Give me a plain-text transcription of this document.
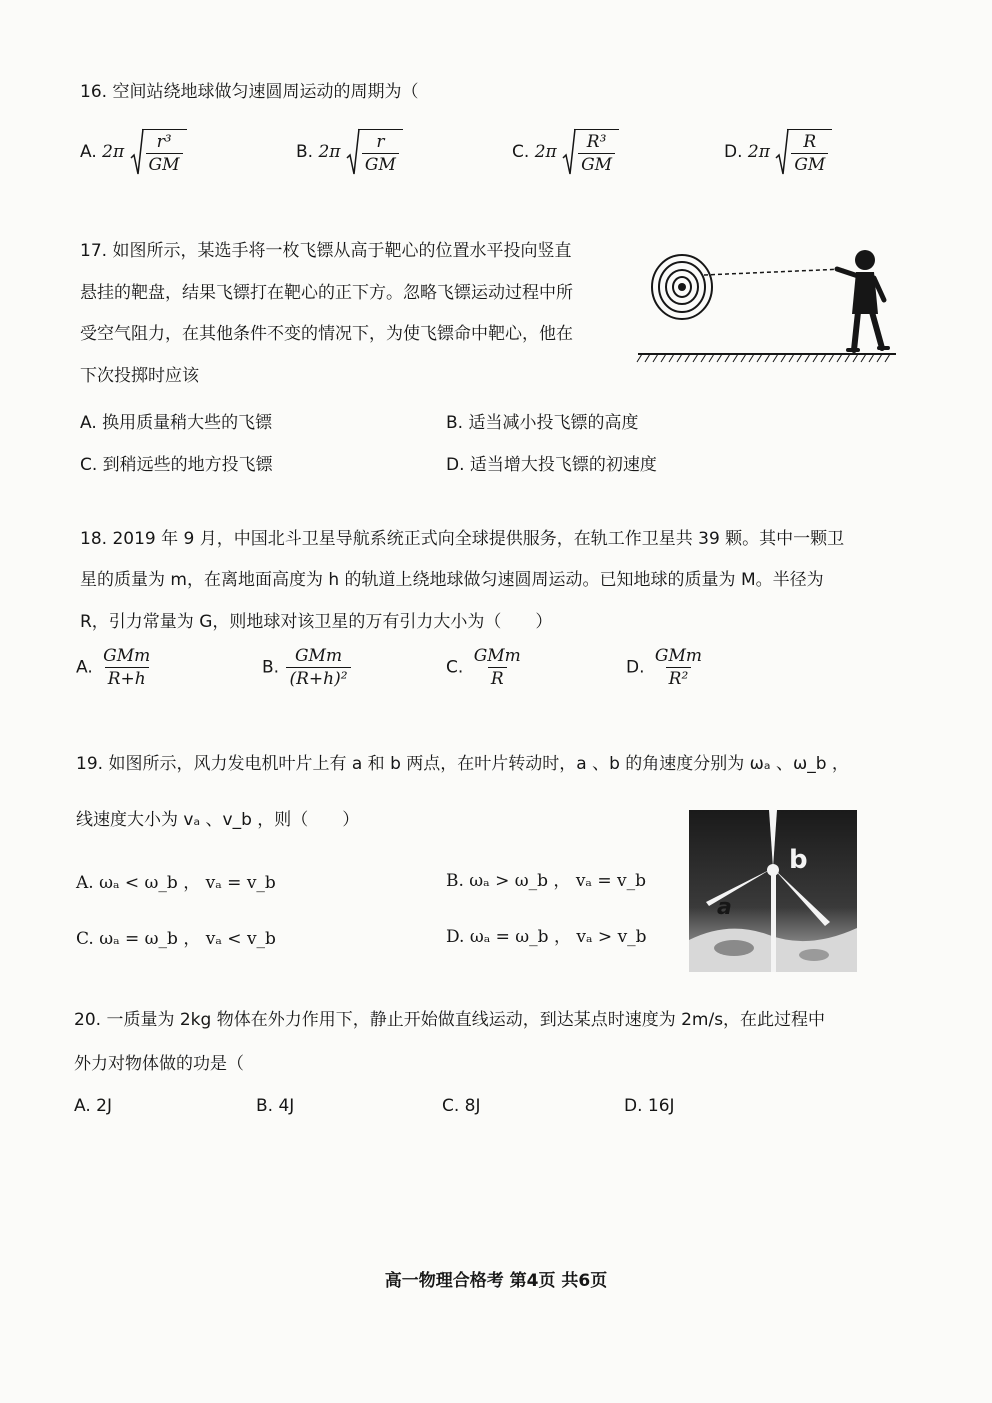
16. 空间站绕地球做匀速圆周运动的周期为（
A. $2\pi \frac{\text{r³}}{GM}$	B. $2\pi \frac{r}{GM}$	C. $2\pi \frac{\text{R³}}{GM}$	D. $2\pi \frac{R}{GM}$
17. 如图所示，某选手将一枚飞镖从高于靶心的位置水平投向竖直
悬挂的靶盘，结果飞镖打在靶心的正下方。忽略飞镖运动过程中所
受空气阻力，在其他条件不变的情况下，为使飞镖命中靶心，他在
下次投掷时应该
A. 换用质量稍大些的飞镖	B. 适当减小投飞镖的高度
C. 到稍远些的地方投飞镖	D. 适当增大投飞镖的初速度
18. 2019 年 9 月，中国北斗卫星导航系统正式向全球提供服务，在轨工作卫星共 39 颗。其中一颗卫
星的质量为 m，在离地面高度为 h 的轨道上绕地球做匀速圆周运动。已知地球的质量为 M。半径为
R，引力常量为 G，则地球对该卫星的万有引力大小为（　　）
A. $\frac{\text{GMm}}{R+h}$	B. $\frac{\text{GMm}}{\text{(R+h)²}}$	C. $\frac{\text{GMm}}{R}$	D. $\frac{\text{GMm}}{\text{R²}}$
19. 如图所示，风力发电机叶片上有 a 和 b 两点，在叶片转动时，a 、b 的角速度分别为 ωₐ 、ω_b ，
线速度大小为 vₐ 、v_b ，则（　　）
b
a
A. ωₐ < ω_b ， vₐ = v_b	B. ωₐ > ω_b ， vₐ = v_b
C. ωₐ = ω_b ， vₐ < v_b	D. ωₐ = ω_b ， vₐ > v_b
20. 一质量为 2kg 物体在外力作用下，静止开始做直线运动，到达某点时速度为 2m/s，在此过程中
外力对物体做的功是（
A. 2J	B. 4J	C. 8J	D. 16J
高一物理合格考 第4页 共6页
